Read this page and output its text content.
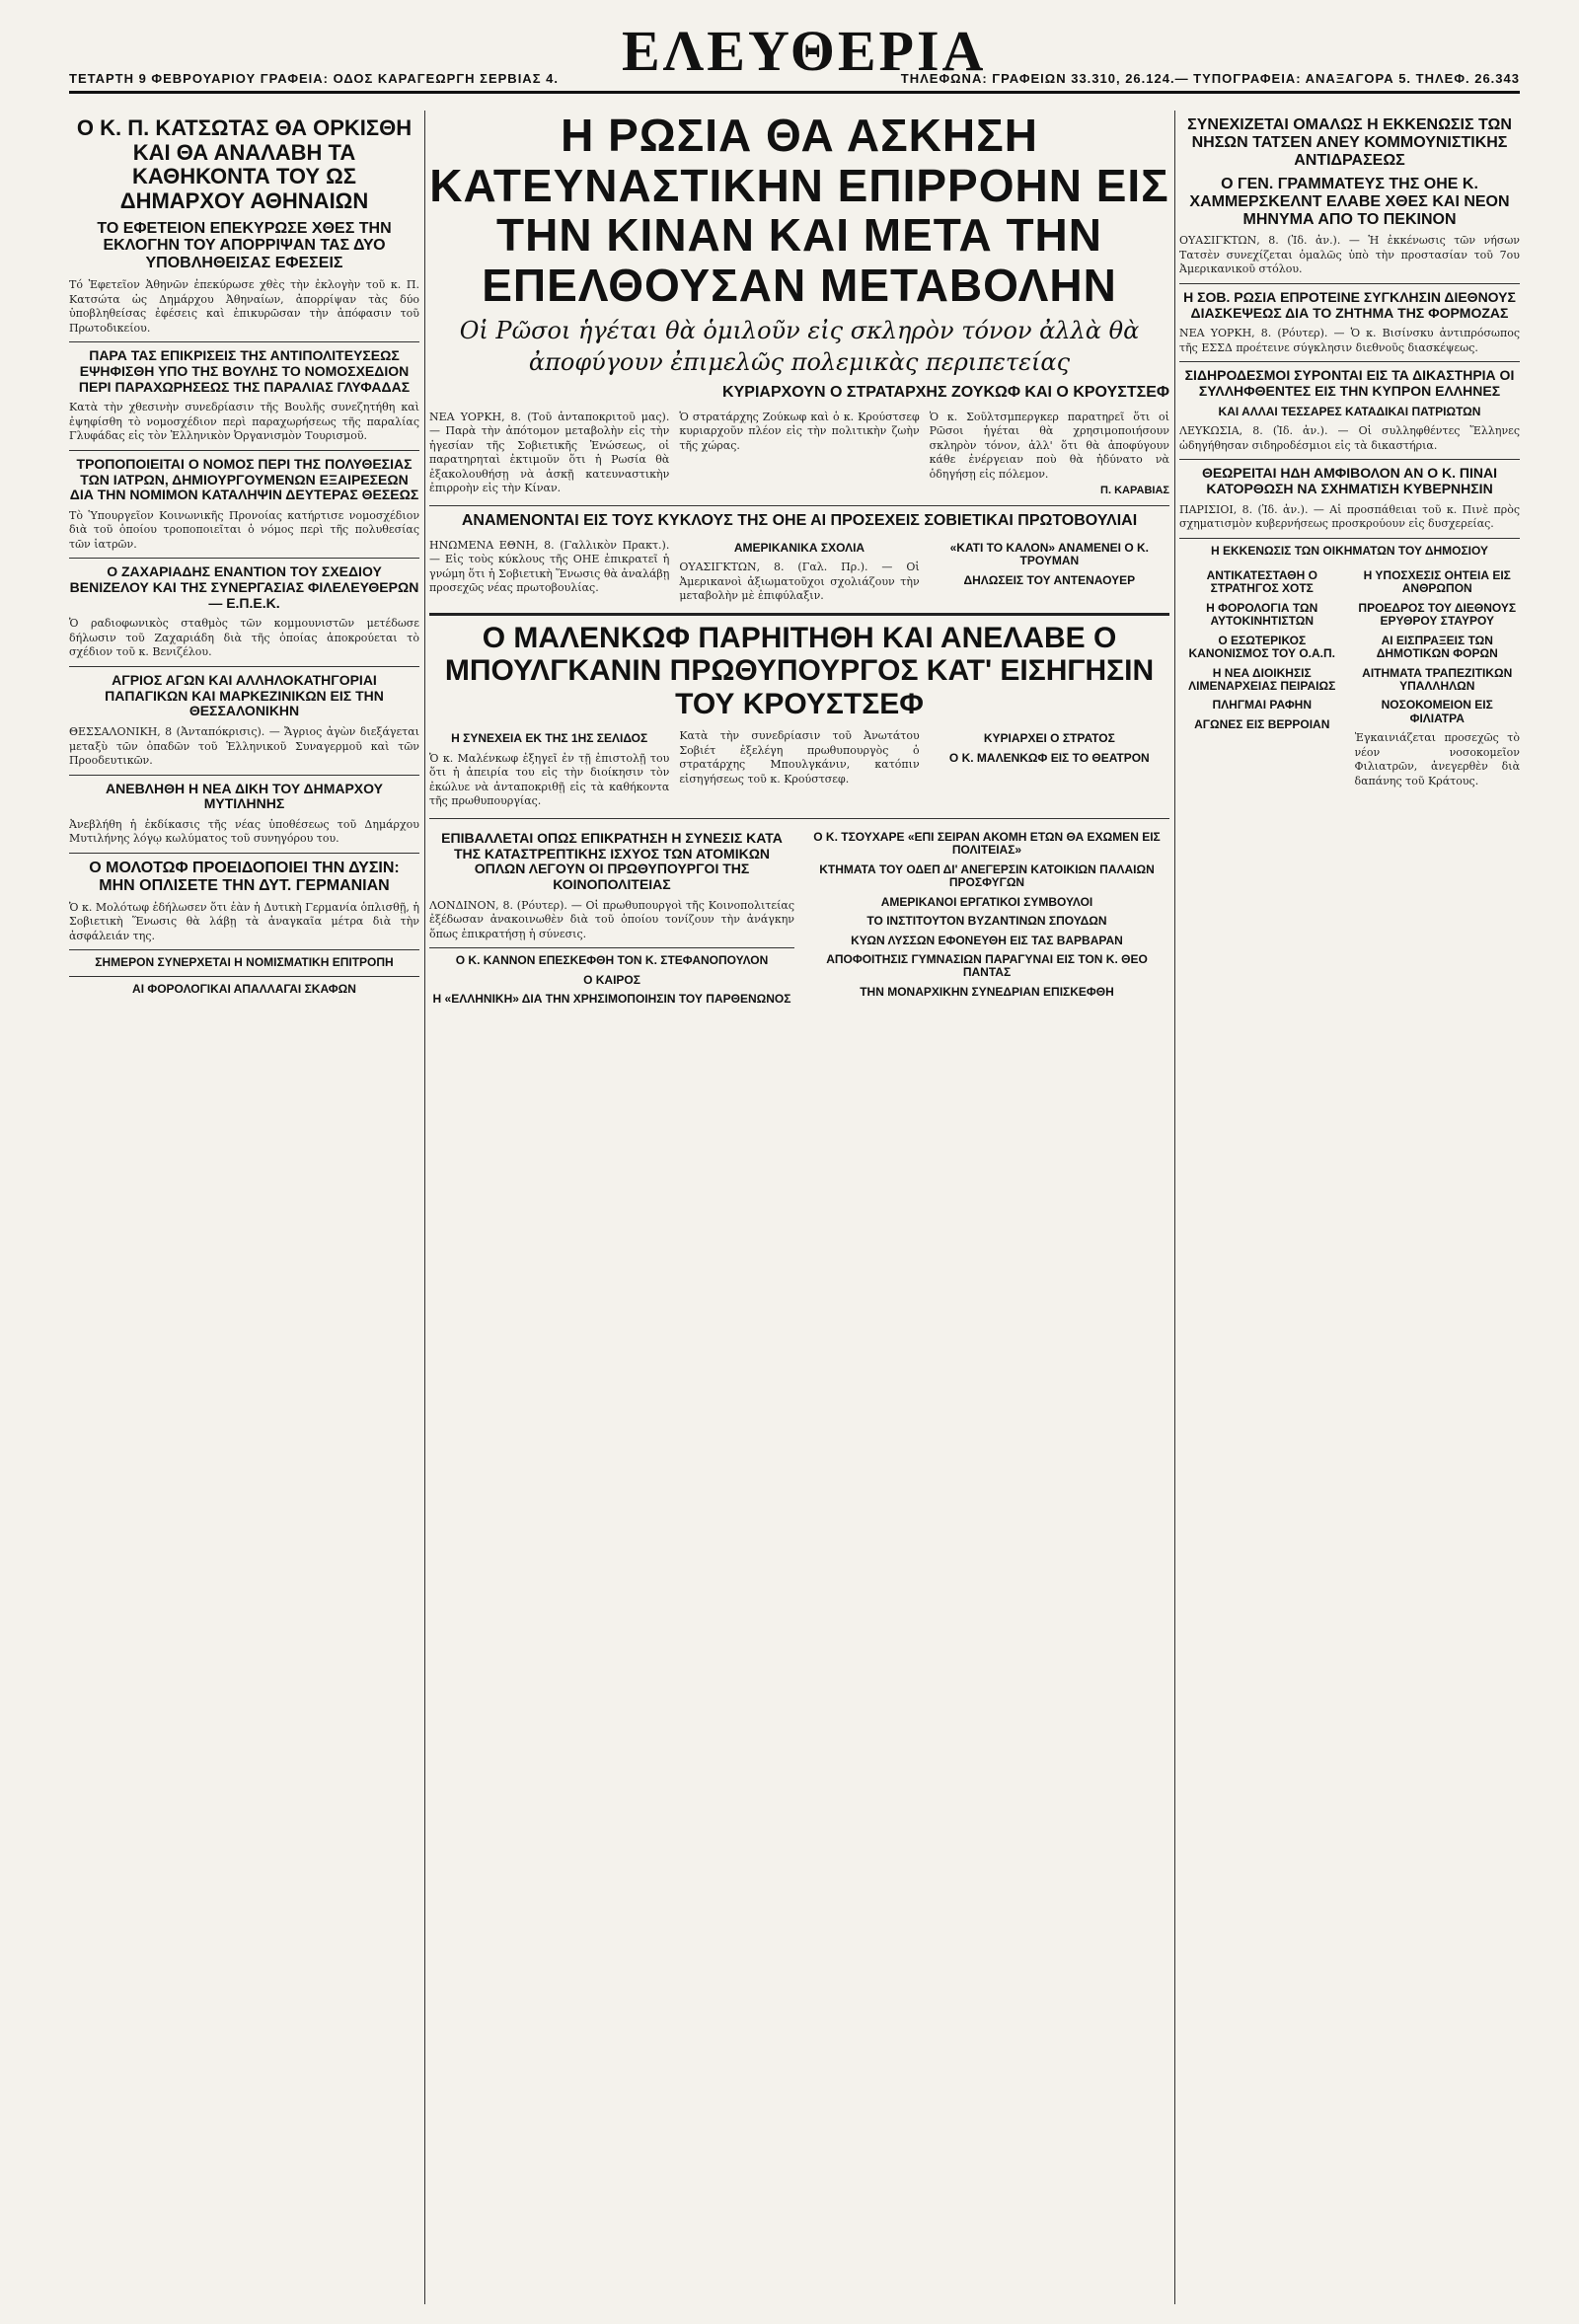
ΤΕΤΑΡΤΗ 9 ΦΕΒΡΟΥΑΡΙΟΥ ΓΡΑΦΕΙΑ: ΟΔΟΣ ΚΑΡΑΓΕΩΡΓΗ ΣΕΡΒΙΑΣ 4. ΕΛΕΥΘΕΡΙΑ
ΤΗΛΕΦΩΝΑ: ΓΡΑΦΕΙΩΝ 33.310, 26.124.— ΤΥΠΟΓΡΑΦΕΙΑ: ΑΝΑΞΑΓΟΡΑ 5. ΤΗΛΕΦ. 26.343
Ο Κ. Π. ΚΑΤΣΩΤΑΣ ΘΑ ΟΡΚΙΣΘΗ ΚΑΙ ΘΑ ΑΝΑΛΑΒΗ ΤΑ ΚΑΘΗΚΟΝΤΑ ΤΟΥ ΩΣ ΔΗΜΑΡΧΟΥ ΑΘΗΝΑΙΩΝ
ΤΟ ΕΦΕΤΕΙΟΝ ΕΠΕΚΥΡΩΣΕ ΧΘΕΣ ΤΗΝ ΕΚΛΟΓΗΝ ΤΟΥ ΑΠΟΡΡΙΨΑΝ ΤΑΣ ΔΥΟ ΥΠΟΒΛΗΘΕΙΣΑΣ ΕΦΕΣΕΙΣ
Τό Ἐφετεῖον Ἀθηνῶν ἐπεκύρωσε χθὲς τὴν ἐκλογὴν τοῦ κ. Π. Κατσώτα ὡς Δημάρχου Ἀθηναίων, ἀπορρίψαν τὰς δύο ὑποβληθείσας ἐφέσεις καὶ ἐπικυρῶσαν τὴν ἀπόφασιν τοῦ Πρωτοδικείου.
ΠΑΡΑ ΤΑΣ ΕΠΙΚΡΙΣΕΙΣ ΤΗΣ ΑΝΤΙΠΟΛΙΤΕΥΣΕΩΣ ΕΨΗΦΙΣΘΗ ΥΠΟ ΤΗΣ ΒΟΥΛΗΣ ΤΟ ΝΟΜΟΣΧΕΔΙΟΝ ΠΕΡΙ ΠΑΡΑΧΩΡΗΣΕΩΣ ΤΗΣ ΠΑΡΑΛΙΑΣ ΓΛΥΦΑΔΑΣ
Κατὰ τὴν χθεσινὴν συνεδρίασιν τῆς Βουλῆς συνεζητήθη καὶ ἐψηφίσθη τὸ νομοσχέδιον περὶ παραχωρήσεως τῆς παραλίας Γλυφάδας εἰς τὸν Ἑλληνικὸν Ὀργανισμὸν Τουρισμοῦ.
ΤΡΟΠΟΠΟΙΕΙΤΑΙ Ο ΝΟΜΟΣ ΠΕΡΙ ΤΗΣ ΠΟΛΥΘΕΣΙΑΣ ΤΩΝ ΙΑΤΡΩΝ, ΔΗΜΙΟΥΡΓΟΥΜΕΝΩΝ ΕΞΑΙΡΕΣΕΩΝ ΔΙΑ ΤΗΝ ΝΟΜΙΜΟΝ ΚΑΤΑΛΗΨΙΝ ΔΕΥΤΕΡΑΣ ΘΕΣΕΩΣ
Τὸ Ὑπουργεῖον Κοινωνικῆς Προνοίας κατήρτισε νομοσχέδιον διὰ τοῦ ὁποίου τροποποιεῖται ὁ νόμος περὶ τῆς πολυθεσίας τῶν ἰατρῶν.
Ο ΖΑΧΑΡΙΑΔΗΣ ΕΝΑΝΤΙΟΝ ΤΟΥ ΣΧΕΔΙΟΥ ΒΕΝΙΖΕΛΟΥ ΚΑΙ ΤΗΣ ΣΥΝΕΡΓΑΣΙΑΣ ΦΙΛΕΛΕΥΘΕΡΩΝ — Ε.Π.Ε.Κ.
Ὁ ραδιοφωνικὸς σταθμὸς τῶν κομμουνιστῶν μετέδωσε δήλωσιν τοῦ Ζαχαριάδη διὰ τῆς ὁποίας ἀποκρούεται τὸ σχέδιον τοῦ κ. Βενιζέλου.
ΑΓΡΙΟΣ ΑΓΩΝ ΚΑΙ ΑΛΛΗΛΟΚΑΤΗΓΟΡΙΑΙ ΠΑΠΑΓΙΚΩΝ ΚΑΙ ΜΑΡΚΕΖΙΝΙΚΩΝ ΕΙΣ ΤΗΝ ΘΕΣΣΑΛΟΝΙΚΗΝ
ΘΕΣΣΑΛΟΝΙΚΗ, 8 (Ἀνταπόκρισις). — Ἄγριος ἀγὼν διεξάγεται μεταξὺ τῶν ὀπαδῶν τοῦ Ἑλληνικοῦ Συναγερμοῦ καὶ τῶν Προοδευτικῶν.
ΑΝΕΒΛΗΘΗ Η ΝΕΑ ΔΙΚΗ ΤΟΥ ΔΗΜΑΡΧΟΥ ΜΥΤΙΛΗΝΗΣ
Ἀνεβλήθη ἡ ἐκδίκασις τῆς νέας ὑποθέσεως τοῦ Δημάρχου Μυτιλήνης λόγῳ κωλύματος τοῦ συνηγόρου του.
Ο ΜΟΛΟΤΩΦ ΠΡΟΕΙΔΟΠΟΙΕΙ ΤΗΝ ΔΥΣΙΝ: ΜΗΝ ΟΠΛΙΣΕΤΕ ΤΗΝ ΔΥΤ. ΓΕΡΜΑΝΙΑΝ
Ὁ κ. Μολότωφ ἐδήλωσεν ὅτι ἐὰν ἡ Δυτικὴ Γερμανία ὁπλισθῇ, ἡ Σοβιετικὴ Ἕνωσις θὰ λάβῃ τὰ ἀναγκαῖα μέτρα διὰ τὴν ἀσφάλειάν της.
ΣΗΜΕΡΟΝ ΣΥΝΕΡΧΕΤΑΙ Η ΝΟΜΙΣΜΑΤΙΚΗ ΕΠΙΤΡΟΠΗ
ΑΙ ΦΟΡΟΛΟΓΙΚΑΙ ΑΠΑΛΛΑΓΑΙ ΣΚΑΦΩΝ
Η ΡΩΣΙΑ ΘΑ ΑΣΚΗΣΗ ΚΑΤΕΥΝΑΣΤΙΚΗΝ ΕΠΙΡΡΟΗΝ ΕΙΣ ΤΗΝ ΚΙΝΑΝ ΚΑΙ ΜΕΤΑ ΤΗΝ ΕΠΕΛΘΟΥΣΑΝ ΜΕΤΑΒΟΛΗΝ
Οἱ Ρῶσοι ἡγέται θὰ ὁμιλοῦν εἰς σκληρὸν τόνον ἀλλὰ θὰ ἀποφύγουν ἐπιμελῶς πολεμικὰς περιπετείας
ΚΥΡΙΑΡΧΟΥΝ Ο ΣΤΡΑΤΑΡΧΗΣ ΖΟΥΚΩΦ ΚΑΙ Ο ΚΡΟΥΣΤΣΕΦ
ΝΕΑ ΥΟΡΚΗ, 8. (Τοῦ ἀνταποκριτοῦ μας). — Παρὰ τὴν ἀπότομον μεταβολὴν εἰς τὴν ἡγεσίαν τῆς Σοβιετικῆς Ἑνώσεως, οἱ παρατηρηταὶ ἐκτιμοῦν ὅτι ἡ Ρωσία θὰ ἐξακολουθήσῃ νὰ ἀσκῇ κατευναστικὴν ἐπιρροὴν εἰς τὴν Κίναν.
Ὁ στρατάρχης Ζούκωφ καὶ ὁ κ. Κρούστσεφ κυριαρχοῦν πλέον εἰς τὴν πολιτικὴν ζωὴν τῆς χώρας.
Ὁ κ. Σοῦλτσμπεργκερ παρατηρεῖ ὅτι οἱ Ρῶσοι ἡγέται θὰ χρησιμοποιήσουν σκληρὸν τόνον, ἀλλ' ὅτι θὰ ἀποφύγουν κάθε ἐνέργειαν ποὺ θὰ ἠδύνατο νὰ ὁδηγήσῃ εἰς πόλεμον.
Π. ΚΑΡΑΒΙΑΣ
ΑΝΑΜΕΝΟΝΤΑΙ ΕΙΣ ΤΟΥΣ ΚΥΚΛΟΥΣ ΤΗΣ ΟΗΕ ΑΙ ΠΡΟΣΕΧΕΙΣ ΣΟΒΙΕΤΙΚΑΙ ΠΡΩΤΟΒΟΥΛΙΑΙ
ΗΝΩΜΕΝΑ ΕΘΝΗ, 8. (Γαλλικὸν Πρακτ.). — Εἰς τοὺς κύκλους τῆς ΟΗΕ ἐπικρατεῖ ἡ γνώμη ὅτι ἡ Σοβιετικὴ Ἕνωσις θὰ ἀναλάβῃ προσεχῶς νέας πρωτοβουλίας.
ΑΜΕΡΙΚΑΝΙΚΑ ΣΧΟΛΙΑ
ΟΥΑΣΙΓΚΤΩΝ, 8. (Γαλ. Πρ.). — Οἱ Ἀμερικανοὶ ἀξιωματοῦχοι σχολιάζουν τὴν μεταβολὴν μὲ ἐπιφύλαξιν.
«ΚΑΤΙ ΤΟ ΚΑΛΟΝ» ΑΝΑΜΕΝΕΙ Ο Κ. ΤΡΟΥΜΑΝ
ΔΗΛΩΣΕΙΣ ΤΟΥ ΑΝΤΕΝΑΟΥΕΡ
Ο ΜΑΛΕΝΚΩΦ ΠΑΡΗΙΤΗΘΗ ΚΑΙ ΑΝΕΛΑΒΕ Ο ΜΠΟΥΛΓΚΑΝΙΝ ΠΡΩΘΥΠΟΥΡΓΟΣ ΚΑΤ' ΕΙΣΗΓΗΣΙΝ ΤΟΥ ΚΡΟΥΣΤΣΕΦ
Η ΣΥΝΕΧΕΙΑ ΕΚ ΤΗΣ 1ΗΣ ΣΕΛΙΔΟΣ
Ὁ κ. Μαλένκωφ ἐξηγεῖ ἐν τῇ ἐπιστολῇ του ὅτι ἡ ἀπειρία του εἰς τὴν διοίκησιν τὸν ἐκώλυε νὰ ἀνταποκριθῇ εἰς τὰ καθήκοντα τῆς πρωθυπουργίας.
Κατὰ τὴν συνεδρίασιν τοῦ Ἀνωτάτου Σοβιέτ ἐξελέγη πρωθυπουργὸς ὁ στρατάρχης Μπουλγκάνιν, κατόπιν εἰσηγήσεως τοῦ κ. Κρούστσεφ.
ΚΥΡΙΑΡΧΕΙ Ο ΣΤΡΑΤΟΣ
Ο Κ. ΜΑΛΕΝΚΩΦ ΕΙΣ ΤΟ ΘΕΑΤΡΟΝ
ΕΠΙΒΑΛΛΕΤΑΙ ΟΠΩΣ ΕΠΙΚΡΑΤΗΣΗ Η ΣΥΝΕΣΙΣ ΚΑΤΑ ΤΗΣ ΚΑΤΑΣΤΡΕΠΤΙΚΗΣ ΙΣΧΥΟΣ ΤΩΝ ΑΤΟΜΙΚΩΝ ΟΠΛΩΝ ΛΕΓΟΥΝ ΟΙ ΠΡΩΘΥΠΟΥΡΓΟΙ ΤΗΣ ΚΟΙΝΟΠΟΛΙΤΕΙΑΣ
ΛΟΝΔΙΝΟΝ, 8. (Ρόυτερ). — Οἱ πρωθυπουργοὶ τῆς Κοινοπολιτείας ἐξέδωσαν ἀνακοινωθὲν διὰ τοῦ ὁποίου τονίζουν τὴν ἀνάγκην ὅπως ἐπικρατήσῃ ἡ σύνεσις.
Ο Κ. ΚΑΝΝΟΝ ΕΠΕΣΚΕΦΘΗ ΤΟΝ Κ. ΣΤΕΦΑΝΟΠΟΥΛΟΝ
Ο ΚΑΙΡΟΣ
Η «ΕΛΛΗΝΙΚΗ» ΔΙΑ ΤΗΝ ΧΡΗΣΙΜΟΠΟΙΗΣΙΝ ΤΟΥ ΠΑΡΘΕΝΩΝΟΣ
Ο Κ. ΤΣΟΥΧΑΡΕ «ΕΠΙ ΣΕΙΡΑΝ ΑΚΟΜΗ ΕΤΩΝ ΘΑ ΕΧΩΜΕΝ ΕΙΣ ΠΟΛΙΤΕΙΑΣ»
ΚΤΗΜΑΤΑ ΤΟΥ ΟΔΕΠ ΔΙ' ΑΝΕΓΕΡΣΙΝ ΚΑΤΟΙΚΙΩΝ ΠΑΛΑΙΩΝ ΠΡΟΣΦΥΓΩΝ
ΑΜΕΡΙΚΑΝΟΙ ΕΡΓΑΤΙΚΟΙ ΣΥΜΒΟΥΛΟΙ
ΤΟ ΙΝΣΤΙΤΟΥΤΟΝ ΒΥΖΑΝΤΙΝΩΝ ΣΠΟΥΔΩΝ
ΚΥΩΝ ΛΥΣΣΩΝ ΕΦΟΝΕΥΘΗ ΕΙΣ ΤΑΣ ΒΑΡΒΑΡΑΝ
ΑΠΟΦΟΙΤΗΣΙΣ ΓΥΜΝΑΣΙΩΝ ΠΑΡΑΓΥΝΑΙ ΕΙΣ ΤΟΝ Κ. ΘΕΟ ΠΑΝΤΑΣ
ΤΗΝ ΜΟΝΑΡΧΙΚΗΝ ΣΥΝΕΔΡΙΑΝ ΕΠΙΣΚΕΦΘΗ
ΣΥΝΕΧΙΖΕΤΑΙ ΟΜΑΛΩΣ Η ΕΚΚΕΝΩΣΙΣ ΤΩΝ ΝΗΣΩΝ ΤΑΤΣΕΝ ΑΝΕΥ ΚΟΜΜΟΥΝΙΣΤΙΚΗΣ ΑΝΤΙΔΡΑΣΕΩΣ
Ο ΓΕΝ. ΓΡΑΜΜΑΤΕΥΣ ΤΗΣ ΟΗΕ Κ. ΧΑΜΜΕΡΣΚΕΛΝΤ ΕΛΑΒΕ ΧΘΕΣ ΚΑΙ ΝΕΟΝ ΜΗΝΥΜΑ ΑΠΟ ΤΟ ΠΕΚΙΝΟΝ
ΟΥΑΣΙΓΚΤΩΝ, 8. (Ἰδ. ἀν.). — Ἡ ἐκκένωσις τῶν νήσων Τατσὲν συνεχίζεται ὁμαλῶς ὑπὸ τὴν προστασίαν τοῦ 7ου Ἀμερικανικοῦ στόλου.
Η ΣΟΒ. ΡΩΣΙΑ ΕΠΡΟΤΕΙΝΕ ΣΥΓΚΛΗΣΙΝ ΔΙΕΘΝΟΥΣ ΔΙΑΣΚΕΨΕΩΣ ΔΙΑ ΤΟ ΖΗΤΗΜΑ ΤΗΣ ΦΟΡΜΟΖΑΣ
ΝΕΑ ΥΟΡΚΗ, 8. (Ρόυτερ). — Ὁ κ. Βισίνσκυ ἀντιπρόσωπος τῆς ΕΣΣΔ προέτεινε σύγκλησιν διεθνοῦς διασκέψεως.
ΣΙΔΗΡΟΔΕΣΜΟΙ ΣΥΡΟΝΤΑΙ ΕΙΣ ΤΑ ΔΙΚΑΣΤΗΡΙΑ ΟΙ ΣΥΛΛΗΦΘΕΝΤΕΣ ΕΙΣ ΤΗΝ ΚΥΠΡΟΝ ΕΛΛΗΝΕΣ
ΚΑΙ ΑΛΛΑΙ ΤΕΣΣΑΡΕΣ ΚΑΤΑΔΙΚΑΙ ΠΑΤΡΙΩΤΩΝ
ΛΕΥΚΩΣΙΑ, 8. (Ἰδ. ἀν.). — Οἱ συλληφθέντες Ἕλληνες ὡδηγήθησαν σιδηροδέσμιοι εἰς τὰ δικαστήρια.
ΘΕΩΡΕΙΤΑΙ ΗΔΗ ΑΜΦΙΒΟΛΟΝ ΑΝ Ο Κ. ΠΙΝΑΙ ΚΑΤΟΡΘΩΣΗ ΝΑ ΣΧΗΜΑΤΙΣΗ ΚΥΒΕΡΝΗΣΙΝ
ΠΑΡΙΣΙΟΙ, 8. (Ἰδ. ἀν.). — Αἱ προσπάθειαι τοῦ κ. Πινὲ πρὸς σχηματισμὸν κυβερνήσεως προσκρούουν εἰς δυσχερείας.
Η ΕΚΚΕΝΩΣΙΣ ΤΩΝ ΟΙΚΗΜΑΤΩΝ ΤΟΥ ΔΗΜΟΣΙΟΥ
ΑΝΤΙΚΑΤΕΣΤΑΘΗ Ο ΣΤΡΑΤΗΓΟΣ ΧΟΤΣ
Η ΦΟΡΟΛΟΓΙΑ ΤΩΝ ΑΥΤΟΚΙΝΗΤΙΣΤΩΝ
Ο ΕΣΩΤΕΡΙΚΟΣ ΚΑΝΟΝΙΣΜΟΣ ΤΟΥ Ο.Α.Π.
Η ΝΕΑ ΔΙΟΙΚΗΣΙΣ ΛΙΜΕΝΑΡΧΕΙΑΣ ΠΕΙΡΑΙΩΣ
ΠΛΗΓΜΑΙ ΡΑΦΗΝ
ΑΓΩΝΕΣ ΕΙΣ ΒΕΡΡΟΙΑΝ
Η ΥΠΟΣΧΕΣΙΣ ΟΗΤΕΙΑ ΕΙΣ ΑΝΘΡΩΠΟΝ
ΠΡΟΕΔΡΟΣ ΤΟΥ ΔΙΕΘΝΟΥΣ ΕΡΥΘΡΟΥ ΣΤΑΥΡΟΥ
ΑΙ ΕΙΣΠΡΑΞΕΙΣ ΤΩΝ ΔΗΜΟΤΙΚΩΝ ΦΟΡΩΝ
ΑΙΤΗΜΑΤΑ ΤΡΑΠΕΖΙΤΙΚΩΝ ΥΠΑΛΛΗΛΩΝ
ΝΟΣΟΚΟΜΕΙΟΝ ΕΙΣ ΦΙΛΙΑΤΡΑ
Ἐγκαινιάζεται προσεχῶς τὸ νέον νοσοκομεῖον Φιλιατρῶν, ἀνεγερθὲν διὰ δαπάνης τοῦ Κράτους.
